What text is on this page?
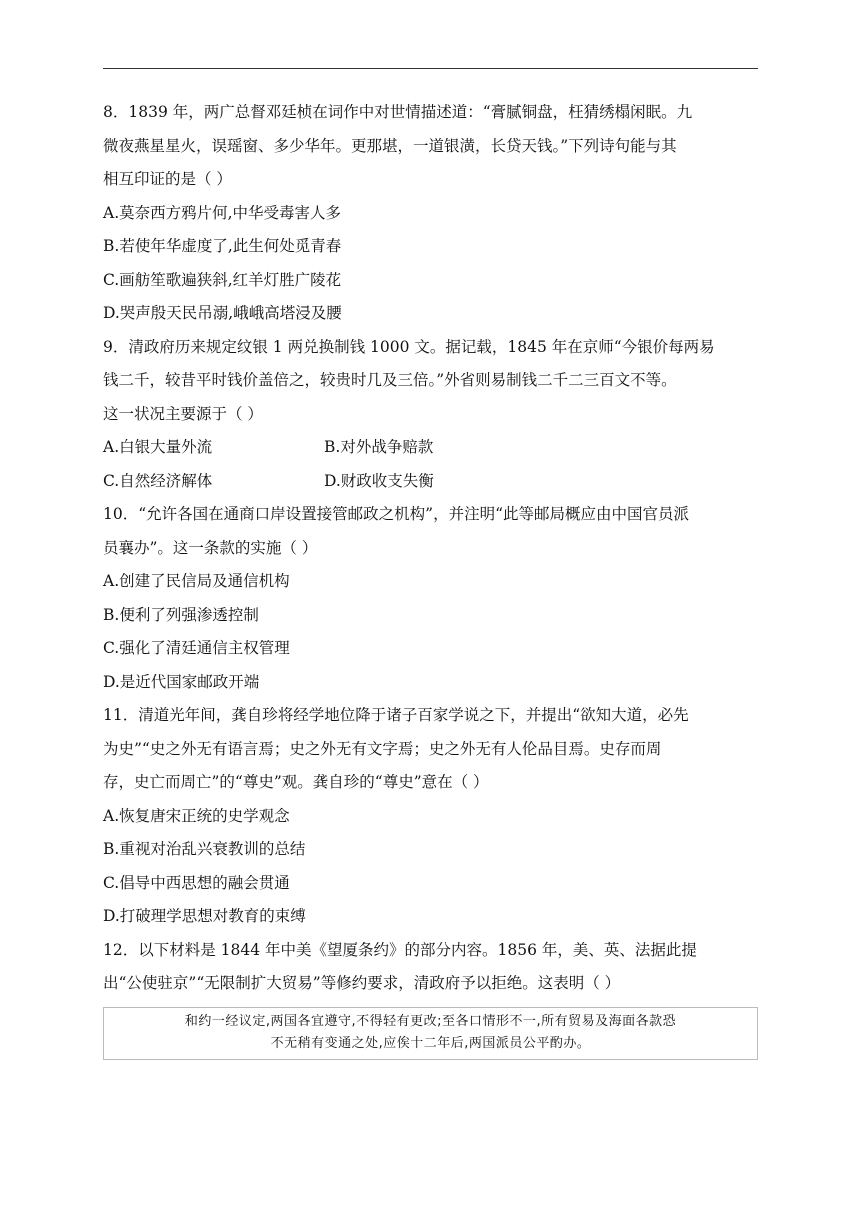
8．1839 年，两广总督邓廷桢在词作中对世情描述道：“膏腻铜盘，枉猜绣榻闲眠。九

微夜燕星星火，误瑶窗、多少华年。更那堪，一道银潢，长贷天钱。”下列诗句能与其

相互印证的是（ ）

A.莫奈西方鸦片何,中华受毒害人多

B.若使年华虚度了,此生何处觅青春

C.画舫笙歌遍狭斜,红羊灯胜广陵花

D.哭声殷天民吊溺,峨峨高塔浸及腰

9．清政府历来规定纹银 1 两兑换制钱 1000 文。据记载，1845 年在京师“今银价每两易

钱二千，较昔平时钱价盖倍之，较贵时几及三倍。”外省则易制钱二千二三百文不等。

这一状况主要源于（ ）

A.白银大量外流	B.对外战争赔款
C.自然经济解体	D.财政收支失衡

10．“允许各国在通商口岸设置接管邮政之机构”，并注明“此等邮局概应由中国官员派

员襄办”。这一条款的实施（ ）

A.创建了民信局及通信机构

B.便利了列强渗透控制

C.强化了清廷通信主权管理

D.是近代国家邮政开端

11．清道光年间，龚自珍将经学地位降于诸子百家学说之下，并提出“欲知大道，必先

为史”“史之外无有语言焉；史之外无有文字焉；史之外无有人伦品目焉。史存而周

存，史亡而周亡”的“尊史”观。龚自珍的“尊史”意在（ ）

A.恢复唐宋正统的史学观念

B.重视对治乱兴衰教训的总结

C.倡导中西思想的融会贯通

D.打破理学思想对教育的束缚

12．以下材料是 1844 年中美《望厦条约》的部分内容。1856 年，美、英、法据此提

出“公使驻京”“无限制扩大贸易”等修约要求，清政府予以拒绝。这表明（ ）

和约一经议定,两国各宜遵守,不得轻有更改;至各口情形不一,所有贸易及海面各款恐
不无稍有变通之处,应俟十二年后,两国派员公平酌办。
